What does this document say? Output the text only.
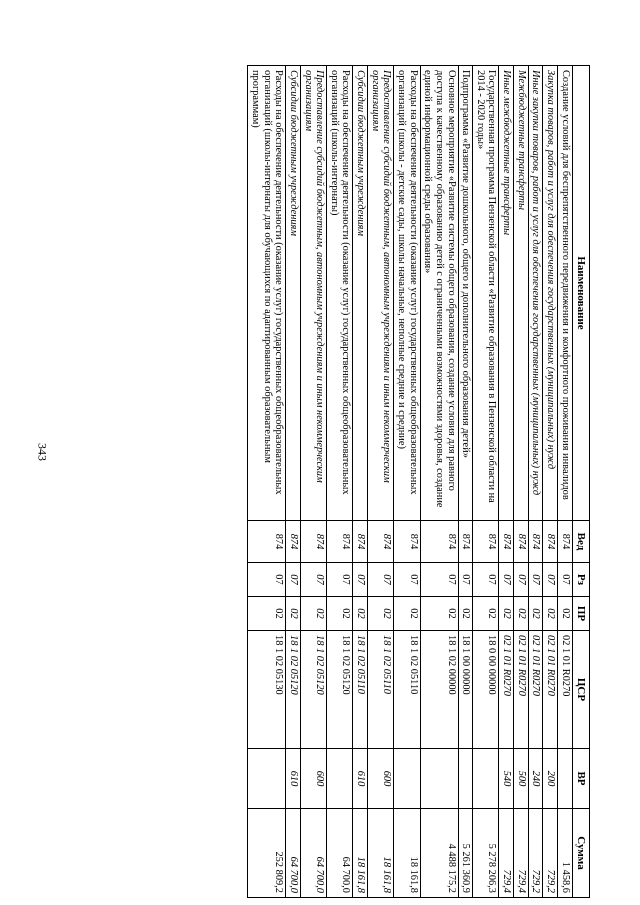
343
Наименование	Вед	Рз	ПР	ЦСР	ВР	Сумма
Создание условий для беспрепятственного передвижения и комфортного проживания инвалидов	874	07	02	02 1 01 R0270		1 458,6
Закупка товаров, работ и услуг для обеспечения государственных (муниципальных) нужд	874	07	02	02 1 01 R0270	200	729,2
Иные закупки товаров, работ и услуг для обеспечения государственных (муниципальных) нужд	874	07	02	02 1 01 R0270	240	729,2
Межбюджетные трансферты	874	07	02	02 1 01 R0270	500	729,4
Иные межбюджетные трансферты	874	07	02	02 1 01 R0270	540	729,4
Государственная программа Пензенской области «Развитие образования в Пензенской области на 2014 - 2020 годы»	874	07	02	18 0 00 00000		5 278 206,3
Подпрограмма «Развитие дошкольного, общего и дополнительного образования детей»	874	07	02	18 1 00 00000		5 261 360,9
Основное мероприятие «Развитие системы общего образования, создание условия для равного доступа к качественному образованию детей с ограниченными возможностями здоровья, создание единой информационной среды образования»	874	07	02	18 1 02 00000		4 488 175,2
Расходы на обеспечение деятельности (оказание услуг) государственных общеобразовательных организаций (школы - детские сады, школы начальные, неполные средние и средние)	874	07	02	18 1 02 05110		18 161,8
Предоставление субсидий бюджетным, автономным учреждениям и иным некоммерческим организациям	874	07	02	18 1 02 05110	600	18 161,8
Субсидии бюджетным учреждениям	874	07	02	18 1 02 05110	610	18 161,8
Расходы на обеспечение деятельности (оказание услуг) государственных общеобразовательных организаций (школы-интернаты)	874	07	02	18 1 02 05120		64 700,0
Предоставление субсидий бюджетным, автономным учреждениям и иным некоммерческим организациям	874	07	02	18 1 02 05120	600	64 700,0
Субсидии бюджетным учреждениям	874	07	02	18 1 02 05120	610	64 700,0
Расходы на обеспечение деятельности (оказание услуг) государственных общеобразовательных организаций (школы-интернаты для обучающихся по адаптированным образовательным программам)	874	07	02	18 1 02 05130		252 809,2
